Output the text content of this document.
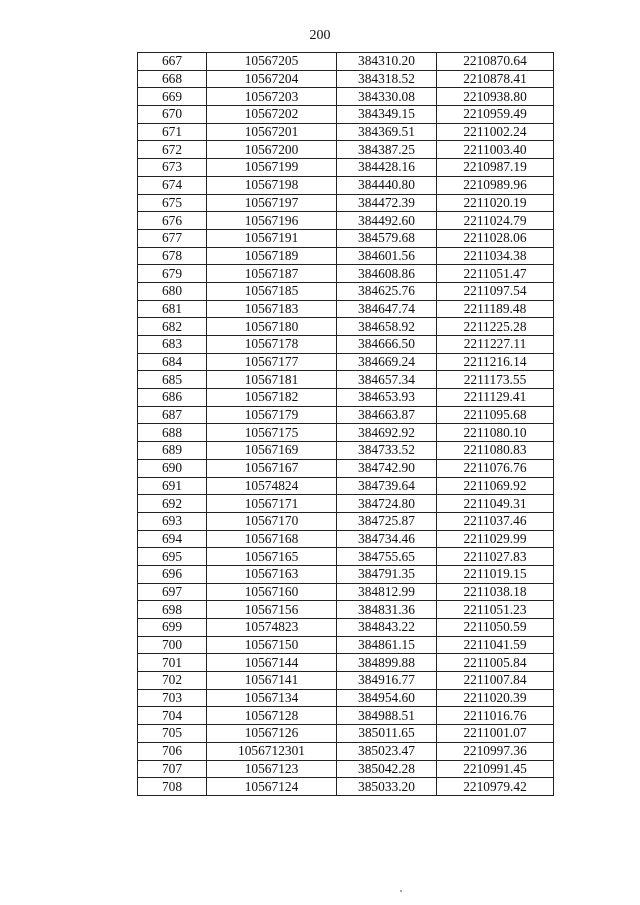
200
667	10567205	384310.20	2210870.64
668	10567204	384318.52	2210878.41
669	10567203	384330.08	2210938.80
670	10567202	384349.15	2210959.49
671	10567201	384369.51	2211002.24
672	10567200	384387.25	2211003.40
673	10567199	384428.16	2210987.19
674	10567198	384440.80	2210989.96
675	10567197	384472.39	2211020.19
676	10567196	384492.60	2211024.79
677	10567191	384579.68	2211028.06
678	10567189	384601.56	2211034.38
679	10567187	384608.86	2211051.47
680	10567185	384625.76	2211097.54
681	10567183	384647.74	2211189.48
682	10567180	384658.92	2211225.28
683	10567178	384666.50	2211227.11
684	10567177	384669.24	2211216.14
685	10567181	384657.34	2211173.55
686	10567182	384653.93	2211129.41
687	10567179	384663.87	2211095.68
688	10567175	384692.92	2211080.10
689	10567169	384733.52	2211080.83
690	10567167	384742.90	2211076.76
691	10574824	384739.64	2211069.92
692	10567171	384724.80	2211049.31
693	10567170	384725.87	2211037.46
694	10567168	384734.46	2211029.99
695	10567165	384755.65	2211027.83
696	10567163	384791.35	2211019.15
697	10567160	384812.99	2211038.18
698	10567156	384831.36	2211051.23
699	10574823	384843.22	2211050.59
700	10567150	384861.15	2211041.59
701	10567144	384899.88	2211005.84
702	10567141	384916.77	2211007.84
703	10567134	384954.60	2211020.39
704	10567128	384988.51	2211016.76
705	10567126	385011.65	2211001.07
706	1056712301	385023.47	2210997.36
707	10567123	385042.28	2210991.45
708	10567124	385033.20	2210979.42
